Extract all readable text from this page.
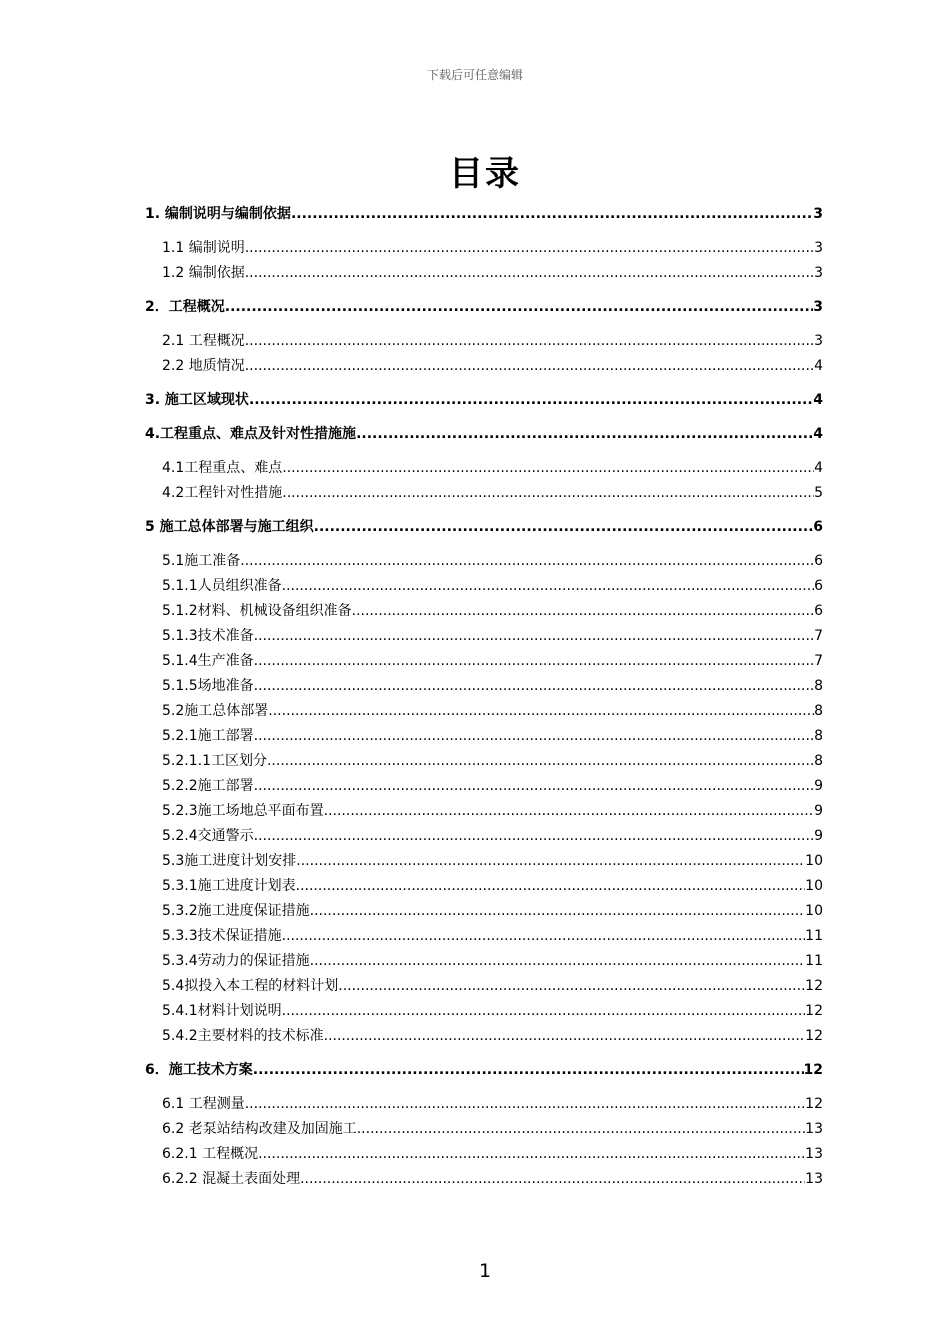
下载后可任意编辑
目录
1. 编制说明与编制依据 .....	3
1.1 编制说明 .....	3
1.2 编制依据 .....	3
2．工程概况 .....	3
2.1 工程概况 .....	3
2.2 地质情况 .....	4
3. 施工区域现状 .....	4
4.工程重点、难点及针对性措施施 .....	4
4.1工程重点、难点 .....	4
4.2工程针对性措施 .....	5
5 施工总体部署与施工组织 .....	6
5.1施工准备 .....	6
5.1.1人员组织准备 .....	6
5.1.2材料、机械设备组织准备 .....	6
5.1.3技术准备 .....	7
5.1.4生产准备 .....	7
5.1.5场地准备 .....	8
5.2施工总体部署 .....	8
5.2.1施工部署 .....	8
5.2.1.1工区划分 .....	8
5.2.2施工部署 .....	9
5.2.3施工场地总平面布置 .....	9
5.2.4交通警示 .....	9
5.3施工进度计划安排 .....	10
5.3.1施工进度计划表 .....	10
5.3.2施工进度保证措施 .....	10
5.3.3技术保证措施 .....	11
5.3.4劳动力的保证措施 .....	11
5.4拟投入本工程的材料计划 .....	12
5.4.1材料计划说明 .....	12
5.4.2主要材料的技术标准 .....	12
6．施工技术方案 .....	12
6.1 工程测量 .....	12
6.2 老泵站结构改建及加固施工 .....	13
6.2.1 工程概况 .....	13
6.2.2 混凝土表面处理 .....	13
1
